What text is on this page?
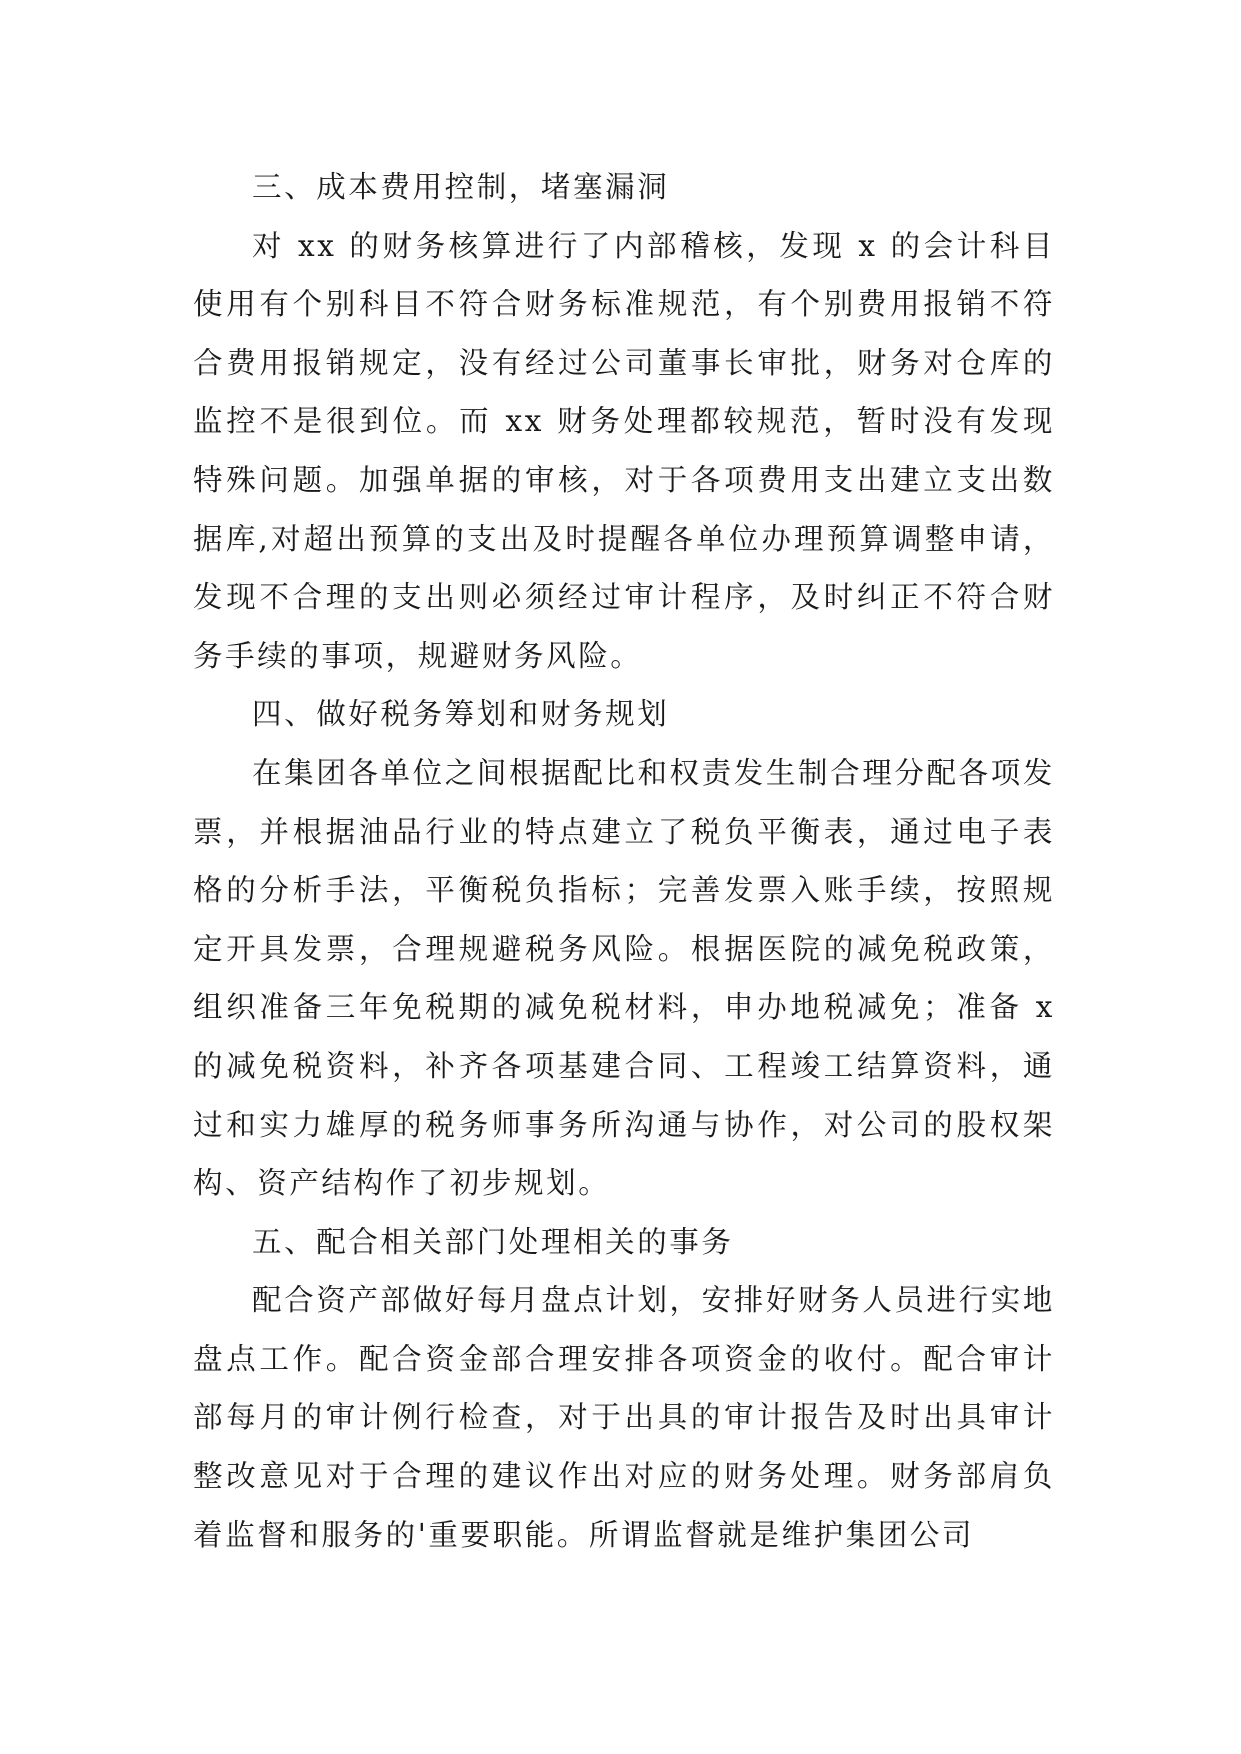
三、成本费用控制，堵塞漏洞

对 xx 的财务核算进行了内部稽核，发现 x 的会计科目使用有个别科目不符合财务标准规范，有个别费用报销不符合费用报销规定，没有经过公司董事长审批，财务对仓库的监控不是很到位。而 xx 财务处理都较规范，暂时没有发现特殊问题。加强单据的审核，对于各项费用支出建立支出数据库,对超出预算的支出及时提醒各单位办理预算调整申请，发现不合理的支出则必须经过审计程序，及时纠正不符合财务手续的事项，规避财务风险。

四、做好税务筹划和财务规划

在集团各单位之间根据配比和权责发生制合理分配各项发票，并根据油品行业的特点建立了税负平衡表，通过电子表格的分析手法，平衡税负指标；完善发票入账手续，按照规定开具发票，合理规避税务风险。根据医院的减免税政策，组织准备三年免税期的减免税材料，申办地税减免；准备 x 的减免税资料，补齐各项基建合同、工程竣工结算资料，通过和实力雄厚的税务师事务所沟通与协作，对公司的股权架构、资产结构作了初步规划。

五、配合相关部门处理相关的事务

配合资产部做好每月盘点计划，安排好财务人员进行实地盘点工作。配合资金部合理安排各项资金的收付。配合审计部每月的审计例行检查，对于出具的审计报告及时出具审计整改意见对于合理的建议作出对应的财务处理。财务部肩负着监督和服务的'重要职能。所谓监督就是维护集团公司
